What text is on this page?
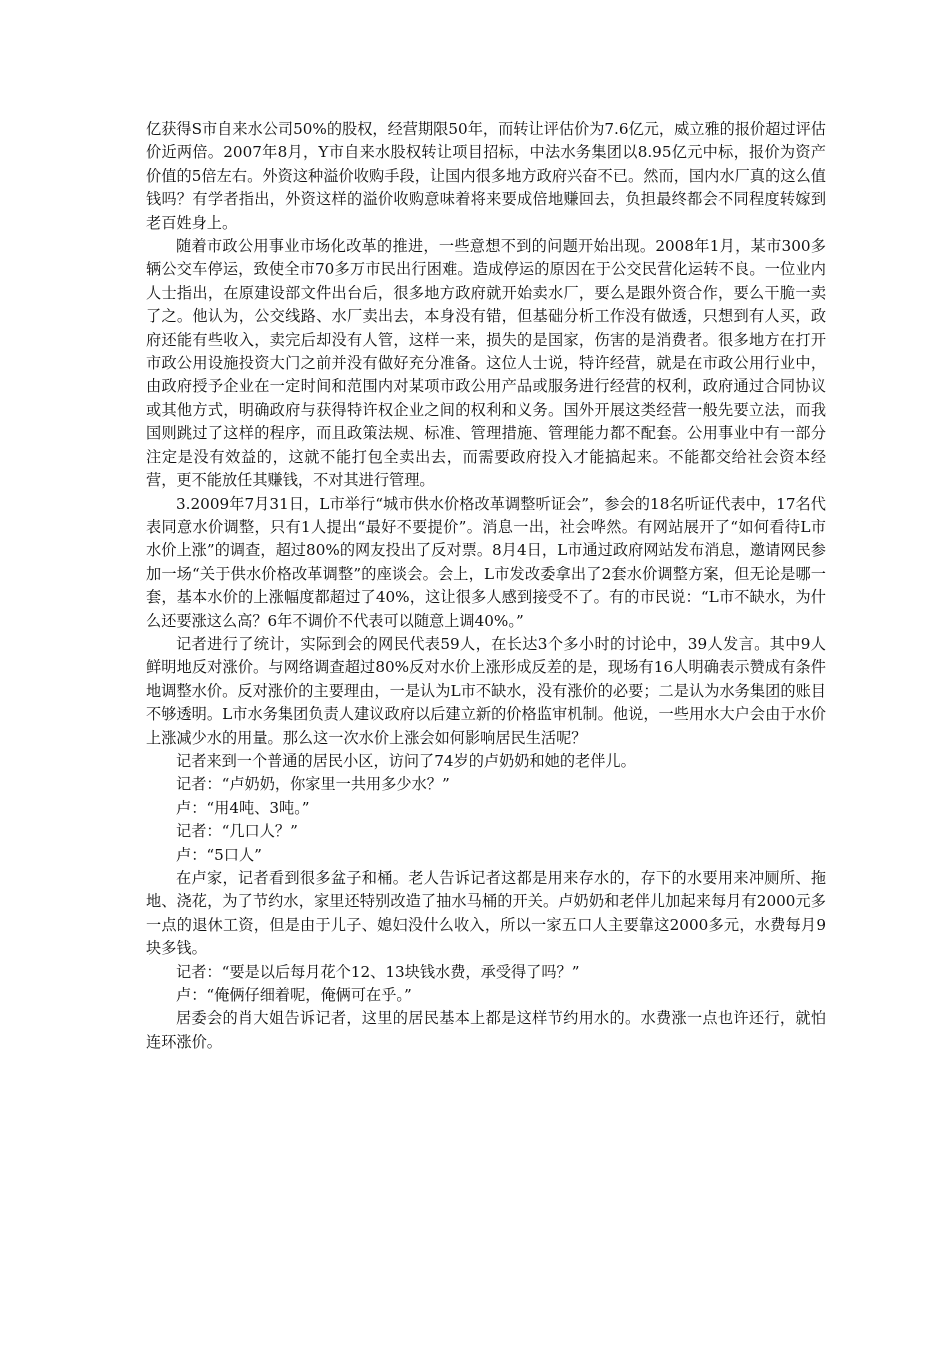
亿获得S市自来水公司50%的股权，经营期限50年，而转让评估价为7.6亿元，威立雅的报价超过评估价近两倍。2007年8月，Y市自来水股权转让项目招标，中法水务集团以8.95亿元中标，报价为资产价值的5倍左右。外资这种溢价收购手段，让国内很多地方政府兴奋不已。然而，国内水厂真的这么值钱吗？有学者指出，外资这样的溢价收购意味着将来要成倍地赚回去，负担最终都会不同程度转嫁到老百姓身上。

随着市政公用事业市场化改革的推进，一些意想不到的问题开始出现。2008年1月，某市300多辆公交车停运，致使全市70多万市民出行困难。造成停运的原因在于公交民营化运转不良。一位业内人士指出，在原建设部文件出台后，很多地方政府就开始卖水厂，要么是跟外资合作，要么干脆一卖了之。他认为，公交线路、水厂卖出去，本身没有错，但基础分析工作没有做透，只想到有人买，政府还能有些收入，卖完后却没有人管，这样一来，损失的是国家，伤害的是消费者。很多地方在打开市政公用设施投资大门之前并没有做好充分准备。这位人士说，特许经营，就是在市政公用行业中，由政府授予企业在一定时间和范围内对某项市政公用产品或服务进行经营的权利，政府通过合同协议或其他方式，明确政府与获得特许权企业之间的权利和义务。国外开展这类经营一般先要立法，而我国则跳过了这样的程序，而且政策法规、标准、管理措施、管理能力都不配套。公用事业中有一部分注定是没有效益的，这就不能打包全卖出去，而需要政府投入才能搞起来。不能都交给社会资本经营，更不能放任其赚钱，不对其进行管理。

3.2009年7月31日，L市举行“城市供水价格改革调整听证会”，参会的18名听证代表中，17名代表同意水价调整，只有1人提出“最好不要提价”。消息一出，社会哗然。有网站展开了“如何看待L市水价上涨”的调查，超过80%的网友投出了反对票。8月4日，L市通过政府网站发布消息，邀请网民参加一场“关于供水价格改革调整”的座谈会。会上，L市发改委拿出了2套水价调整方案，但无论是哪一套，基本水价的上涨幅度都超过了40%，这让很多人感到接受不了。有的市民说：“L市不缺水，为什么还要涨这么高？6年不调价不代表可以随意上调40%。”

记者进行了统计，实际到会的网民代表59人，在长达3个多小时的讨论中，39人发言。其中9人鲜明地反对涨价。与网络调查超过80%反对水价上涨形成反差的是，现场有16人明确表示赞成有条件地调整水价。反对涨价的主要理由，一是认为L市不缺水，没有涨价的必要；二是认为水务集团的账目不够透明。L市水务集团负责人建议政府以后建立新的价格监审机制。他说，一些用水大户会由于水价上涨减少水的用量。那么这一次水价上涨会如何影响居民生活呢？

记者来到一个普通的居民小区，访问了74岁的卢奶奶和她的老伴儿。

记者：“卢奶奶，你家里一共用多少水？”

卢：“用4吨、3吨。”

记者：“几口人？”

卢：“5口人”

在卢家，记者看到很多盆子和桶。老人告诉记者这都是用来存水的，存下的水要用来冲厕所、拖地、浇花，为了节约水，家里还特别改造了抽水马桶的开关。卢奶奶和老伴儿加起来每月有2000元多一点的退休工资，但是由于儿子、媳妇没什么收入，所以一家五口人主要靠这2000多元，水费每月9块多钱。

记者：“要是以后每月花个12、13块钱水费，承受得了吗？”

卢：“俺俩仔细着呢，俺俩可在乎。”

居委会的肖大姐告诉记者，这里的居民基本上都是这样节约用水的。水费涨一点也许还行，就怕连环涨价。
